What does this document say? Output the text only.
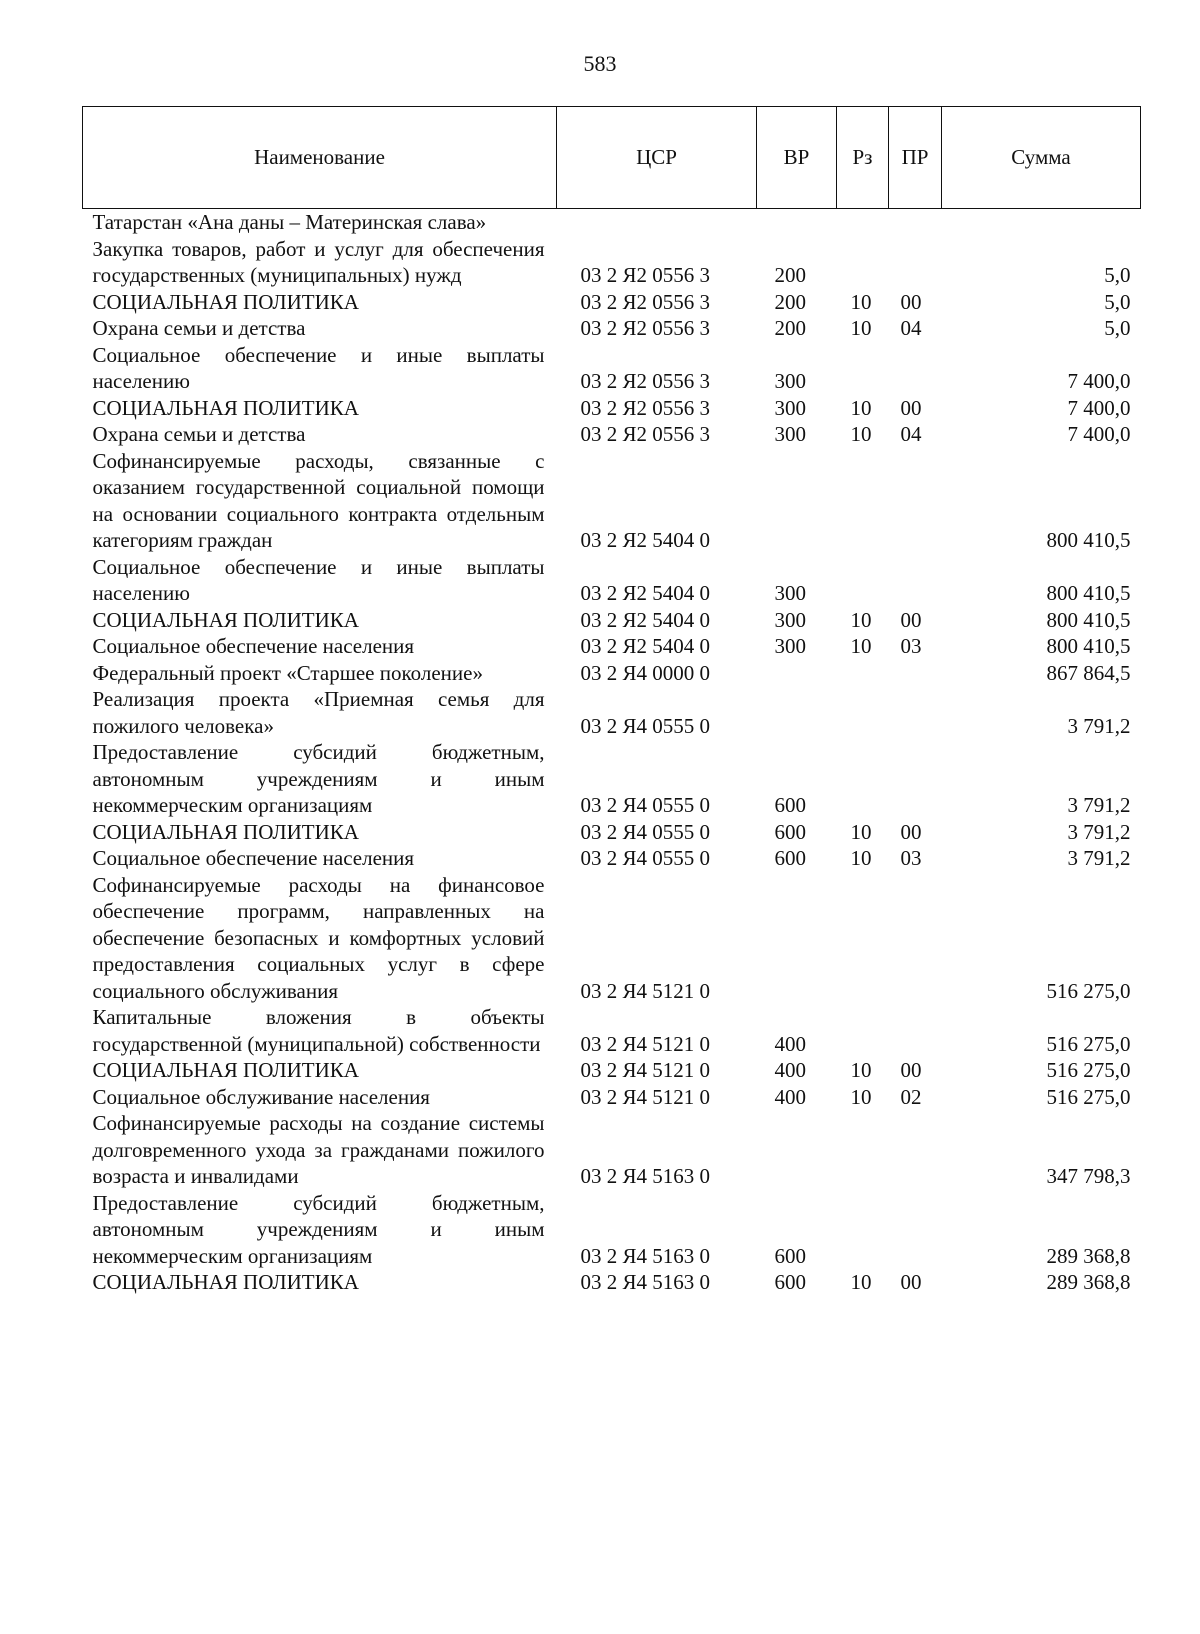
583
Наименование	ЦСР	ВР	Рз	ПР	Сумма
Татарстан «Ана даны – Материнская слава»					
Закупка товаров, работ и услуг для обеспечения государственных (муниципальных) нужд	03 2 Я2 0556 3	200			5,0
СОЦИАЛЬНАЯ ПОЛИТИКА	03 2 Я2 0556 3	200	10	00	5,0
Охрана семьи и детства	03 2 Я2 0556 3	200	10	04	5,0
Социальное обеспечение и иные выплаты населению	03 2 Я2 0556 3	300			7 400,0
СОЦИАЛЬНАЯ ПОЛИТИКА	03 2 Я2 0556 3	300	10	00	7 400,0
Охрана семьи и детства	03 2 Я2 0556 3	300	10	04	7 400,0
Софинансируемые расходы, связанные с оказанием государственной социальной помощи на основании социального контракта отдельным категориям граждан	03 2 Я2 5404 0				800 410,5
Социальное обеспечение и иные выплаты населению	03 2 Я2 5404 0	300			800 410,5
СОЦИАЛЬНАЯ ПОЛИТИКА	03 2 Я2 5404 0	300	10	00	800 410,5
Социальное обеспечение населения	03 2 Я2 5404 0	300	10	03	800 410,5
Федеральный проект «Старшее поколение»	03 2 Я4 0000 0				867 864,5
Реализация проекта «Приемная семья для пожилого человека»	03 2 Я4 0555 0				3 791,2
Предоставление субсидий бюджетным, автономным учреждениям и иным некоммерческим организациям	03 2 Я4 0555 0	600			3 791,2
СОЦИАЛЬНАЯ ПОЛИТИКА	03 2 Я4 0555 0	600	10	00	3 791,2
Социальное обеспечение населения	03 2 Я4 0555 0	600	10	03	3 791,2
Софинансируемые расходы на финансовое обеспечение программ, направленных на обеспечение безопасных и комфортных условий предоставления социальных услуг в сфере социального обслуживания	03 2 Я4 5121 0				516 275,0
Капитальные вложения в объекты государственной (муниципальной) собственности	03 2 Я4 5121 0	400			516 275,0
СОЦИАЛЬНАЯ ПОЛИТИКА	03 2 Я4 5121 0	400	10	00	516 275,0
Социальное обслуживание населения	03 2 Я4 5121 0	400	10	02	516 275,0
Софинансируемые расходы на создание системы долговременного ухода за гражданами пожилого возраста и инвалидами	03 2 Я4 5163 0				347 798,3
Предоставление субсидий бюджетным, автономным учреждениям и иным некоммерческим организациям	03 2 Я4 5163 0	600			289 368,8
СОЦИАЛЬНАЯ ПОЛИТИКА	03 2 Я4 5163 0	600	10	00	289 368,8
